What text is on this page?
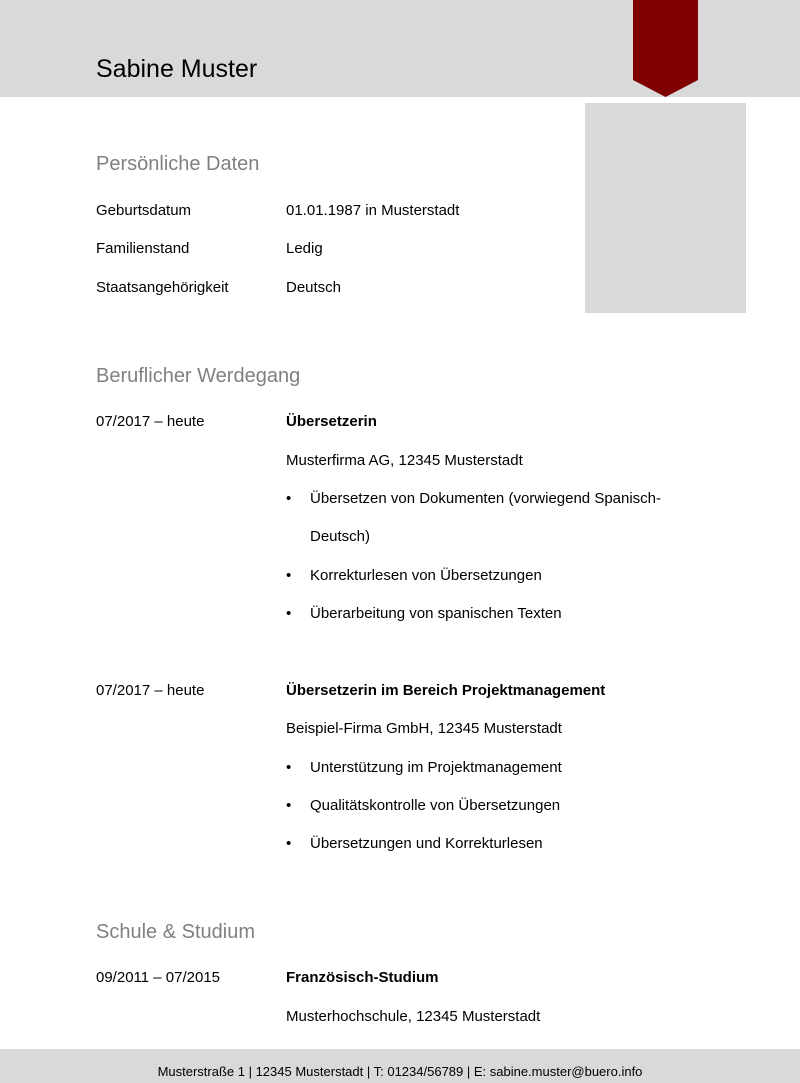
Sabine Muster
Persönliche Daten
Geburtsdatum	01.01.1987 in Musterstadt
Familienstand	Ledig
Staatsangehörigkeit	Deutsch
Beruflicher Werdegang
07/2017 – heute	Übersetzerin
Musterfirma AG, 12345 Musterstadt
• Übersetzen von Dokumenten (vorwiegend Spanisch-
Deutsch)
• Korrekturlesen von Übersetzungen
• Überarbeitung von spanischen Texten
07/2017 – heute	Übersetzerin im Bereich Projektmanagement
Beispiel-Firma GmbH, 12345 Musterstadt
• Unterstützung im Projektmanagement
• Qualitätskontrolle von Übersetzungen
• Übersetzungen und Korrekturlesen
Schule & Studium
09/2011 – 07/2015	Französisch-Studium
Musterhochschule, 12345 Musterstadt
Musterstraße 1 | 12345 Musterstadt | T: 01234/56789 | E: sabine.muster@buero.info
